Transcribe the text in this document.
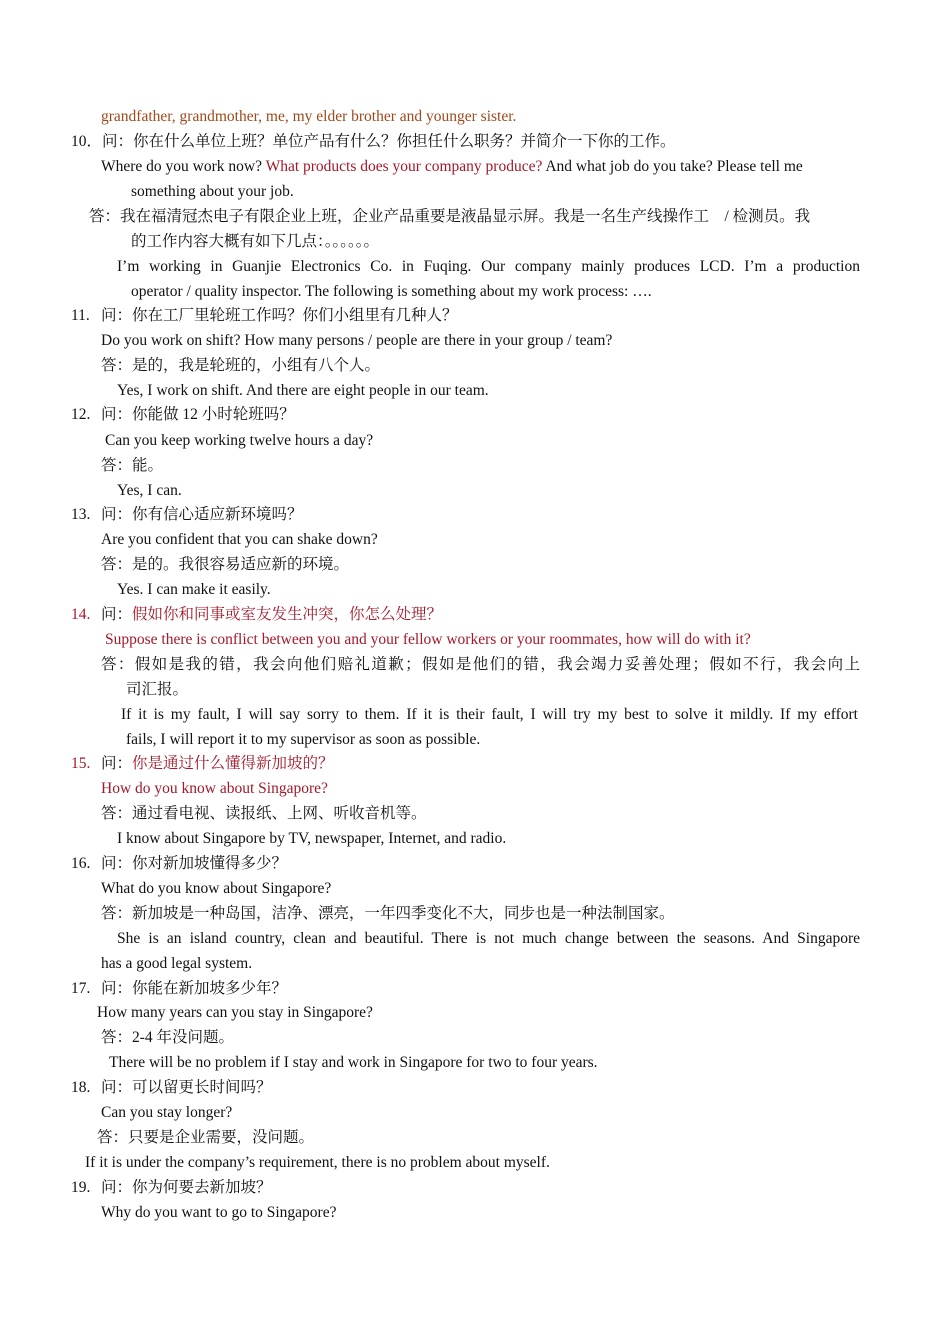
grandfather, grandmother, me, my elder brother and younger sister.
10．问：你在什么单位上班？单位产品有什么？你担任什么职务？并简介一下你的工作。
Where do you work now? What products does your company produce? And what job do you take? Please tell me
something about your job.
答：我在福清冠杰电子有限企业上班，企业产品重要是液晶显示屏。我是一名生产线操作工　/ 检测员。我
的工作内容大概有如下几点：。。。。。。
I’m working in Guanjie Electronics Co. in Fuqing. Our company mainly produces LCD. I’m a production
operator / quality inspector. The following is something about my work process: ….
11. 问：你在工厂里轮班工作吗？你们小组里有几种人？
Do you work on shift? How many persons / people are there in your group / team?
答：是的，我是轮班的，小组有八个人。
Yes, I work on shift. And there are eight people in our team.
12. 问：你能做 12 小时轮班吗？
Can you keep working twelve hours a day?
答：能。
Yes, I can.
13. 问：你有信心适应新环境吗？
Are you confident that you can shake down?
答：是的。我很容易适应新的环境。
Yes. I can make it easily.
14. 问：假如你和同事或室友发生冲突，你怎么处理？
Suppose there is conflict between you and your fellow workers or your roommates, how will do with it?
答：假如是我的错，我会向他们赔礼道歉；假如是他们的错，我会竭力妥善处理；假如不行，我会向上
司汇报。
If it is my fault, I will say sorry to them. If it is their fault, I will try my best to solve it mildly. If my effort
fails, I will report it to my supervisor as soon as possible.
15. 问：你是通过什么懂得新加坡的？
How do you know about Singapore?
答：通过看电视、读报纸、上网、听收音机等。
I know about Singapore by TV, newspaper, Internet, and radio.
16. 问：你对新加坡懂得多少？
What do you know about Singapore?
答：新加坡是一种岛国，洁净、漂亮，一年四季变化不大，同步也是一种法制国家。
She is an island country, clean and beautiful. There is not much change between the seasons. And Singapore
has a good legal system.
17. 问：你能在新加坡多少年？
How many years can you stay in Singapore?
答：2-4 年没问题。
There will be no problem if I stay and work in Singapore for two to four years.
18. 问：可以留更长时间吗？
Can you stay longer?
答：只要是企业需要，没问题。
If it is under the company’s requirement, there is no problem about myself.
19. 问：你为何要去新加坡？
Why do you want to go to Singapore?
